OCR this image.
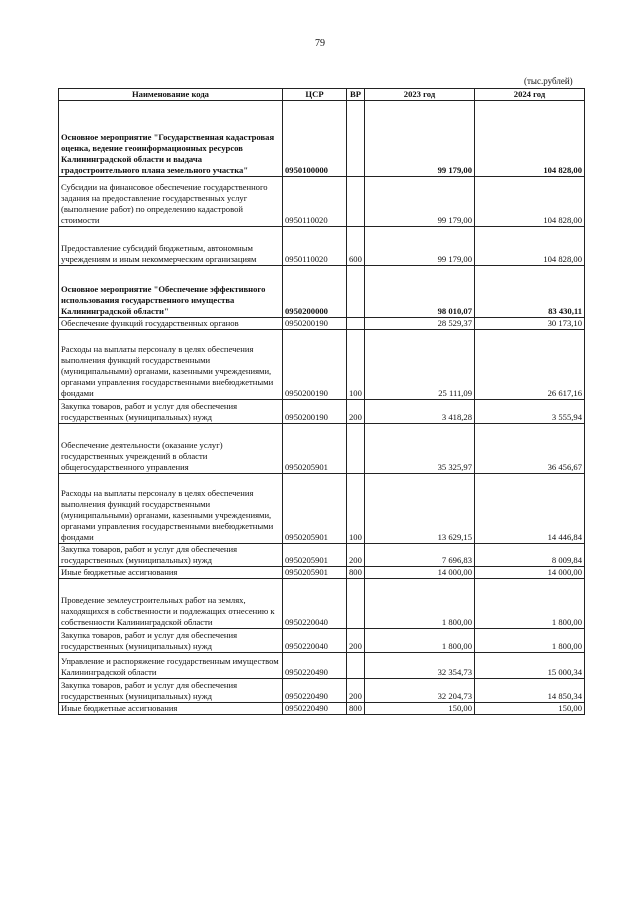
79
(тыс.рублей)
Наименование кода	ЦСР	ВР	2023 год	2024 год
Основное мероприятие "Государственная кадастровая оценка, ведение геоинформационных ресурсов Калининградской области и выдача градостроительного плана земельного участка"	0950100000		99 179,00	104 828,00
Субсидии на финансовое обеспечение государственного задания на предоставление государственных услуг (выполнение работ) по определению кадастровой стоимости	0950110020		99 179,00	104 828,00
Предоставление субсидий бюджетным, автономным учреждениям и иным некоммерческим организациям	0950110020	600	99 179,00	104 828,00
Основное мероприятие "Обеспечение эффективного использования государственного имущества Калининградской области"	0950200000		98 010,07	83 430,11
Обеспечение функций государственных органов	0950200190		28 529,37	30 173,10
Расходы на выплаты персоналу в целях обеспечения выполнения функций государственными (муниципальными) органами, казенными учреждениями, органами управления государственными внебюджетными фондами	0950200190	100	25 111,09	26 617,16
Закупка товаров, работ и услуг для обеспечения государственных (муниципальных) нужд	0950200190	200	3 418,28	3 555,94
Обеспечение деятельности (оказание услуг) государственных учреждений в области общегосударственного управления	0950205901		35 325,97	36 456,67
Расходы на выплаты персоналу в целях обеспечения выполнения функций государственными (муниципальными) органами, казенными учреждениями, органами управления государственными внебюджетными фондами	0950205901	100	13 629,15	14 446,84
Закупка товаров, работ и услуг для обеспечения государственных (муниципальных) нужд	0950205901	200	7 696,83	8 009,84
Иные бюджетные ассигнования	0950205901	800	14 000,00	14 000,00
Проведение землеустроительных работ на землях, находящихся в собственности и подлежащих отнесению к собственности Калининградской области	0950220040		1 800,00	1 800,00
Закупка товаров, работ и услуг для обеспечения государственных (муниципальных) нужд	0950220040	200	1 800,00	1 800,00
Управление и распоряжение государственным имуществом Калининградской области	0950220490		32 354,73	15 000,34
Закупка товаров, работ и услуг для обеспечения государственных (муниципальных) нужд	0950220490	200	32 204,73	14 850,34
Иные бюджетные ассигнования	0950220490	800	150,00	150,00
